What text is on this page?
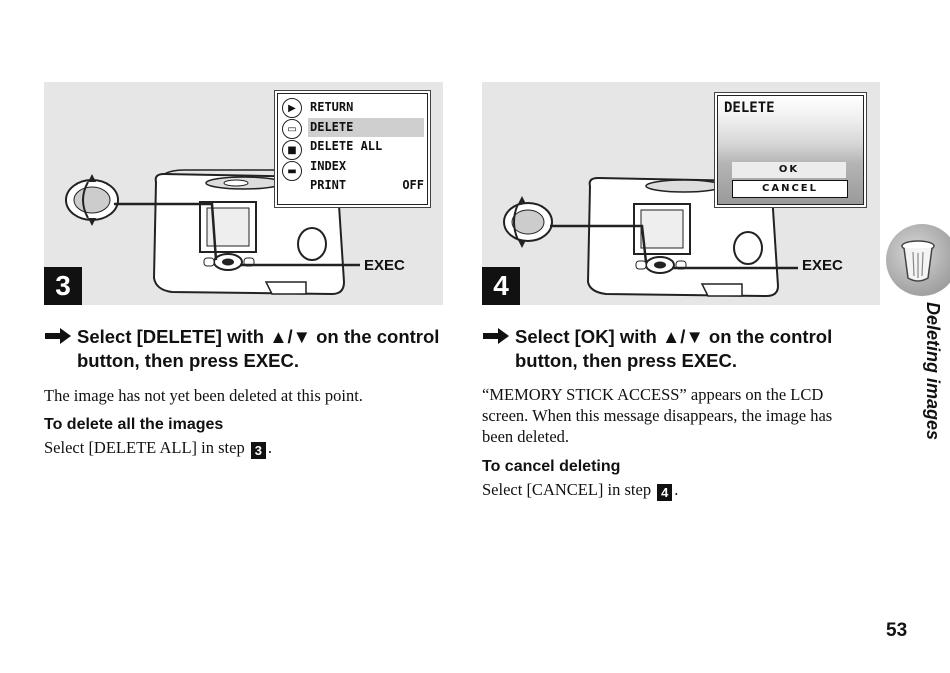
▶
▭
■
▬
RETURN
DELETE
DELETE ALL
INDEX
PRINT	OFF
EXEC
3
DELETE
OK
CANCEL
EXEC
4
Select [DELETE] with ▲/▼ on the control
button, then press EXEC.
The image has not yet been deleted at this point.
To delete all the images
Select [DELETE ALL] in step 3 .
Select [OK] with ▲/▼ on the control
button, then press EXEC.
“MEMORY STICK ACCESS” appears on the LCD
screen. When this message disappears, the image has
been deleted.
To cancel deleting
Select [CANCEL] in step 4 .
Deleting images
53
